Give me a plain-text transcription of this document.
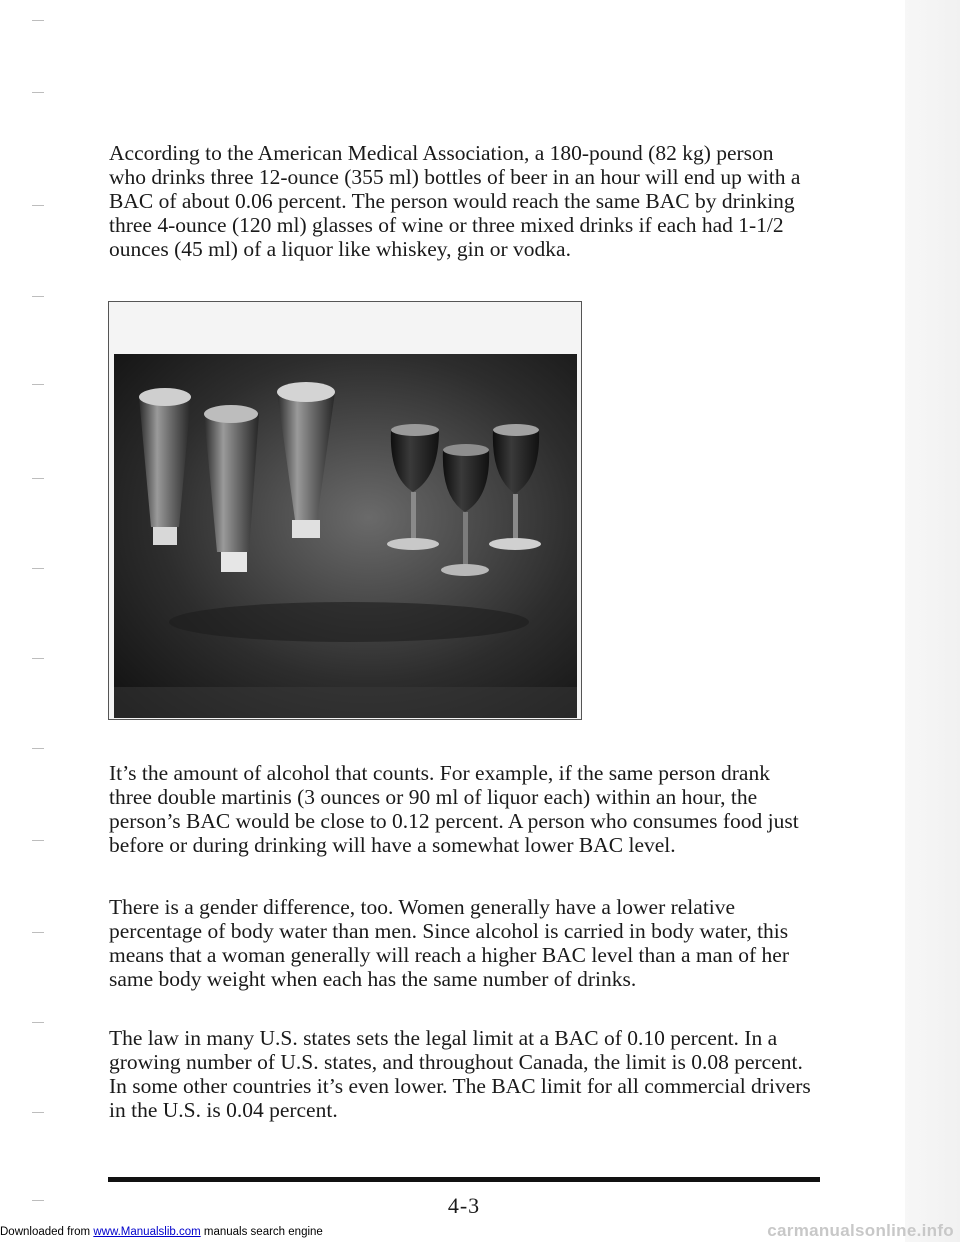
According to the American Medical Association, a 180-pound (82 kg) person who drinks three 12-ounce (355 ml) bottles of beer in an hour will end up with a BAC of about 0.06 percent. The person would reach the same BAC by drinking three 4-ounce (120 ml) glasses of wine or three mixed drinks if each had 1-1/2 ounces (45 ml) of a liquor like whiskey, gin or vodka.

It’s the amount of alcohol that counts. For example, if the same person drank three double martinis (3 ounces or 90 ml of liquor each) within an hour, the person’s BAC would be close to 0.12 percent. A person who consumes food just before or during drinking will have a somewhat lower BAC level.

There is a gender difference, too. Women generally have a lower relative percentage of body water than men. Since alcohol is carried in body water, this means that a woman generally will reach a higher BAC level than a man of her same body weight when each has the same number of drinks.

The law in many U.S. states sets the legal limit at a BAC of 0.10 percent. In a growing number of U.S. states, and throughout Canada, the limit is 0.08 percent. In some other countries it’s even lower. The BAC limit for all commercial drivers in the U.S. is 0.04 percent.

4-3
Downloaded from www.Manualslib.com manuals search engine	carmanualsonline.info
